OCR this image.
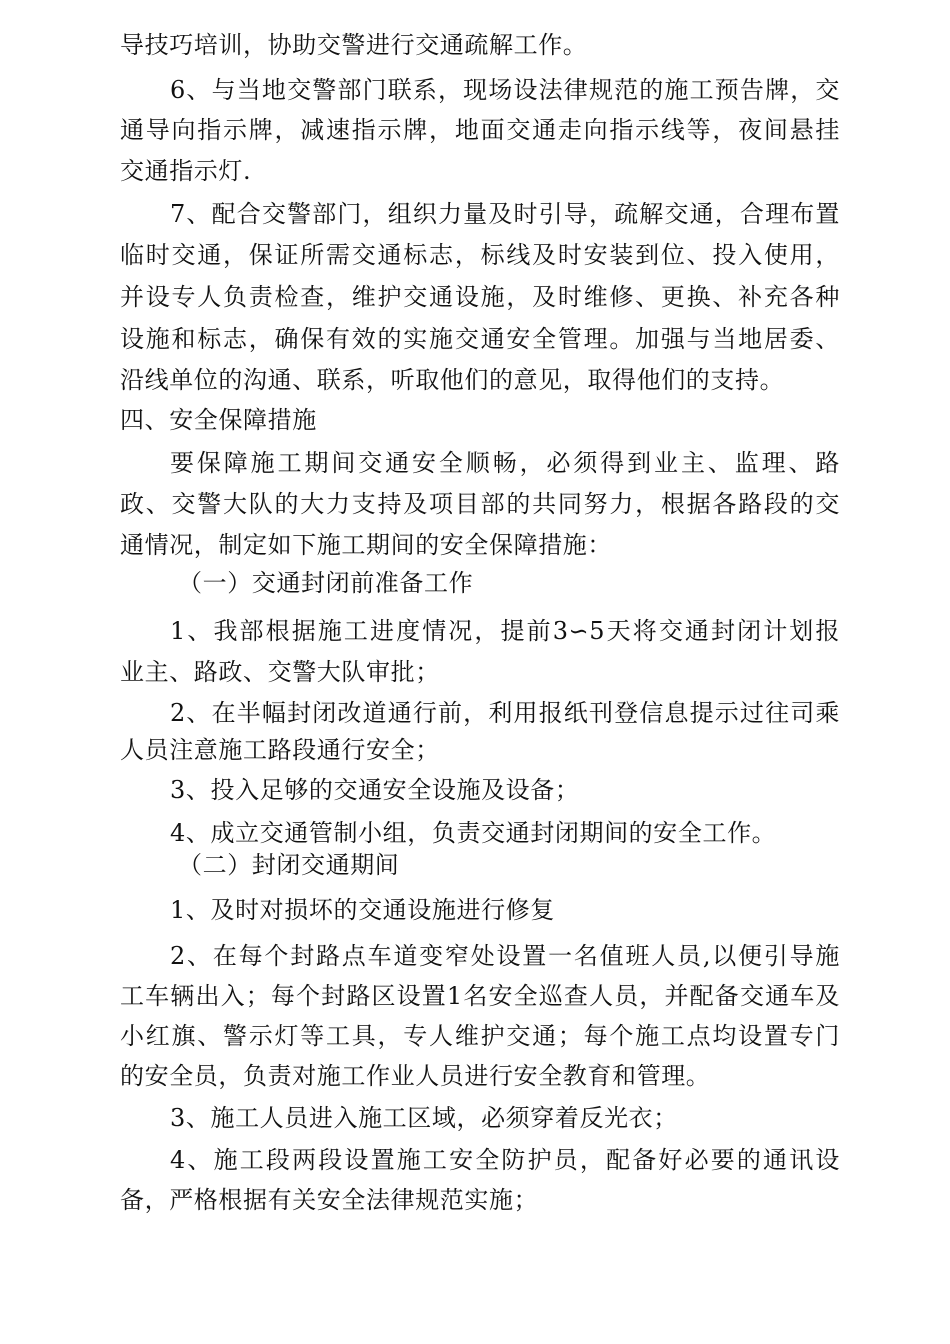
导技巧培训，协助交警进行交通疏解工作。
6、与当地交警部门联系，现场设法律规范的施工预告牌，交
通导向指示牌，减速指示牌，地面交通走向指示线等，夜间悬挂
交通指示灯.
7、配合交警部门，组织力量及时引导，疏解交通，合理布置
临时交通，保证所需交通标志，标线及时安装到位、投入使用，
并设专人负责检查，维护交通设施，及时维修、更换、补充各种
设施和标志，确保有效的实施交通安全管理。加强与当地居委、
沿线单位的沟通、联系，听取他们的意见，取得他们的支持。
四、安全保障措施
要保障施工期间交通安全顺畅，必须得到业主、监理、路
政、交警大队的大力支持及项目部的共同努力，根据各路段的交
通情况，制定如下施工期间的安全保障措施：
（一）交通封闭前准备工作
1、我部根据施工进度情况，提前3∽5天将交通封闭计划报
业主、路政、交警大队审批；
2、在半幅封闭改道通行前，利用报纸刊登信息提示过往司乘
人员注意施工路段通行安全；
3、投入足够的交通安全设施及设备；
4、成立交通管制小组，负责交通封闭期间的安全工作。
（二）封闭交通期间
1、及时对损坏的交通设施进行修复
2、在每个封路点车道变窄处设置一名值班人员,以便引导施
工车辆出入；每个封路区设置1名安全巡查人员，并配备交通车及
小红旗、警示灯等工具，专人维护交通；每个施工点均设置专门
的安全员，负责对施工作业人员进行安全教育和管理。
3、施工人员进入施工区域，必须穿着反光衣；
4、施工段两段设置施工安全防护员，配备好必要的通讯设
备，严格根据有关安全法律规范实施；
